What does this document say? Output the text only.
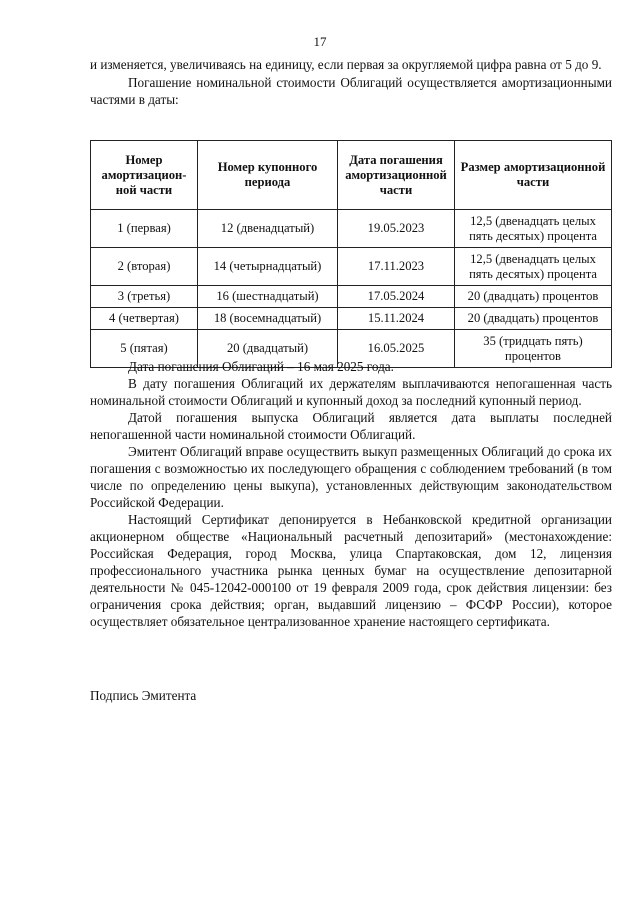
17

и изменяется, увеличиваясь на единицу, если первая за округляемой цифра равна от 5 до 9.

Погашение номинальной стоимости Облигаций осуществляется амортизационными частями в даты:

Номер амортизацион-ной части	Номер купонного периода	Дата погашения амортизационной части	Размер амортизационной части
1 (первая)	12 (двенадцатый)	19.05.2023	12,5 (двенадцать целых пять десятых) процента
2 (вторая)	14 (четырнадцатый)	17.11.2023	12,5 (двенадцать целых пять десятых) процента
3 (третья)	16 (шестнадцатый)	17.05.2024	20 (двадцать) процентов
4 (четвертая)	18 (восемнадцатый)	15.11.2024	20 (двадцать) процентов
5 (пятая)	20 (двадцатый)	16.05.2025	35 (тридцать пять) процентов

Дата погашения Облигаций – 16 мая 2025 года.

В дату погашения Облигаций их держателям выплачиваются непогашенная часть номинальной стоимости Облигаций и купонный доход за последний купонный период.

Датой погашения выпуска Облигаций является дата выплаты последней непогашенной части номинальной стоимости Облигаций.

Эмитент Облигаций вправе осуществить выкуп размещенных Облигаций до срока их погашения с возможностью их последующего обращения с соблюдением требований (в том числе по определению цены выкупа), установленных действующим законодательством Российской Федерации.

Настоящий Сертификат депонируется в Небанковской кредитной организации акционерном обществе «Национальный расчетный депозитарий» (местонахождение: Российская Федерация, город Москва, улица Спартаковская, дом 12, лицензия профессионального участника рынка ценных бумаг на осуществление депозитарной деятельности № 045-12042-000100 от 19 февраля 2009 года, срок действия лицензии: без ограничения срока действия; орган, выдавший лицензию – ФСФР России), которое осуществляет обязательное централизованное хранение настоящего сертификата.

Подпись Эмитента
